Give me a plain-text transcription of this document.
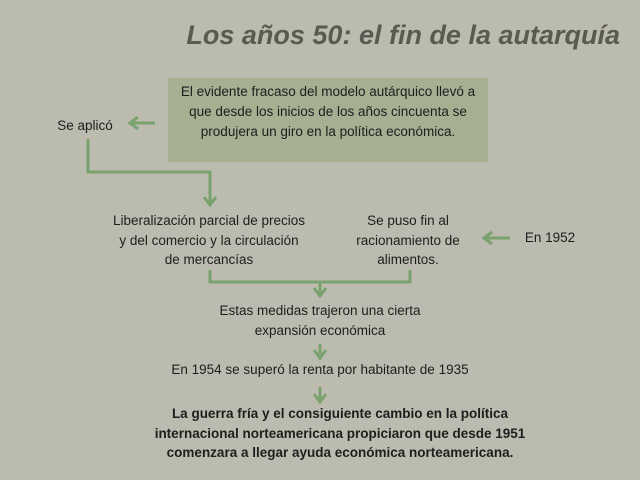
Los años 50: el fin de la autarquía
El evidente fracaso del modelo autárquico llevó a que desde los inicios de los años cincuenta se produjera un giro en la política económica.
Se aplicó
Liberalización parcial de precios y del comercio y la circulación de mercancías
Se puso fin al racionamiento de alimentos.
En 1952
Estas medidas trajeron una cierta expansión económica
En 1954 se superó la renta por habitante de 1935
La guerra fría y el consiguiente cambio en la política internacional norteamericana propiciaron que desde 1951 comenzara a llegar ayuda económica norteamericana.
